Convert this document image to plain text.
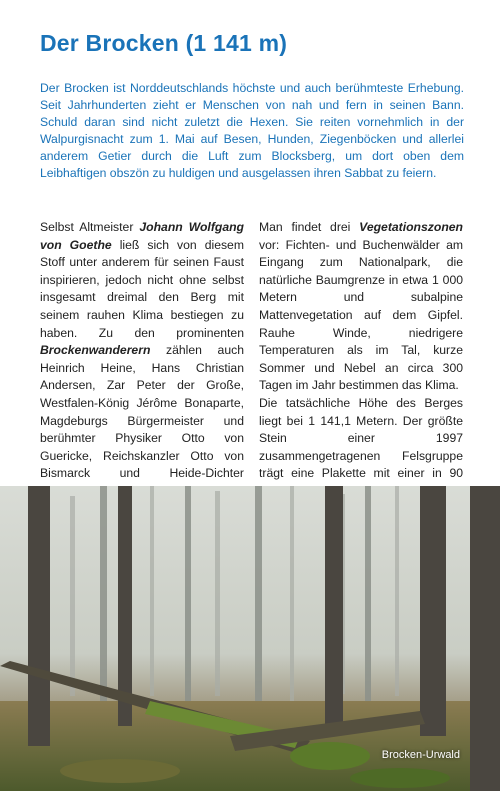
Der Brocken (1 141 m)

Der Brocken ist Norddeutschlands höchste und auch berühmteste Erhebung. Seit Jahrhunderten zieht er Menschen von nah und fern in seinen Bann. Schuld daran sind nicht zuletzt die Hexen. Sie reiten vornehmlich in der Walpurgisnacht zum 1. Mai auf Besen, Hunden, Ziegenböcken und allerlei anderem Getier durch die Luft zum Blocksberg, um dort oben dem Leibhaftigen obszön zu huldigen und ausgelassen ihren Sabbat zu feiern.

Selbst Altmeister Johann Wolfgang von Goethe ließ sich von diesem Stoff unter anderem für seinen Faust inspirieren, jedoch nicht ohne selbst insgesamt dreimal den Berg mit seinem rauhen Klima bestiegen zu haben. Zu den prominenten Brockenwanderern zählen auch Heinrich Heine, Hans Christian Andersen, Zar Peter der Große, Westfalen-König Jérôme Bonaparte, Magdeburgs Bürgermeister und berühmter Physiker Otto von Guericke, Reichskanzler Otto von Bismarck und Heide-Dichter

Man findet drei Vegetationszonen vor: Fichten- und Buchenwälder am Eingang zum Nationalpark, die natürliche Baumgrenze in etwa 1 000 Metern und subalpine Mattenvegetation auf dem Gipfel. Rauhe Winde, niedrigere Temperaturen als im Tal, kurze Sommer und Nebel an circa 300 Tagen im Jahr bestimmen das Klima.

Die tatsächliche Höhe des Berges liegt bei 1 141,1 Metern. Der größte Stein einer 1997 zusammengetragenen Felsgruppe trägt eine Plakette mit einer in 90

Brocken-Urwald
